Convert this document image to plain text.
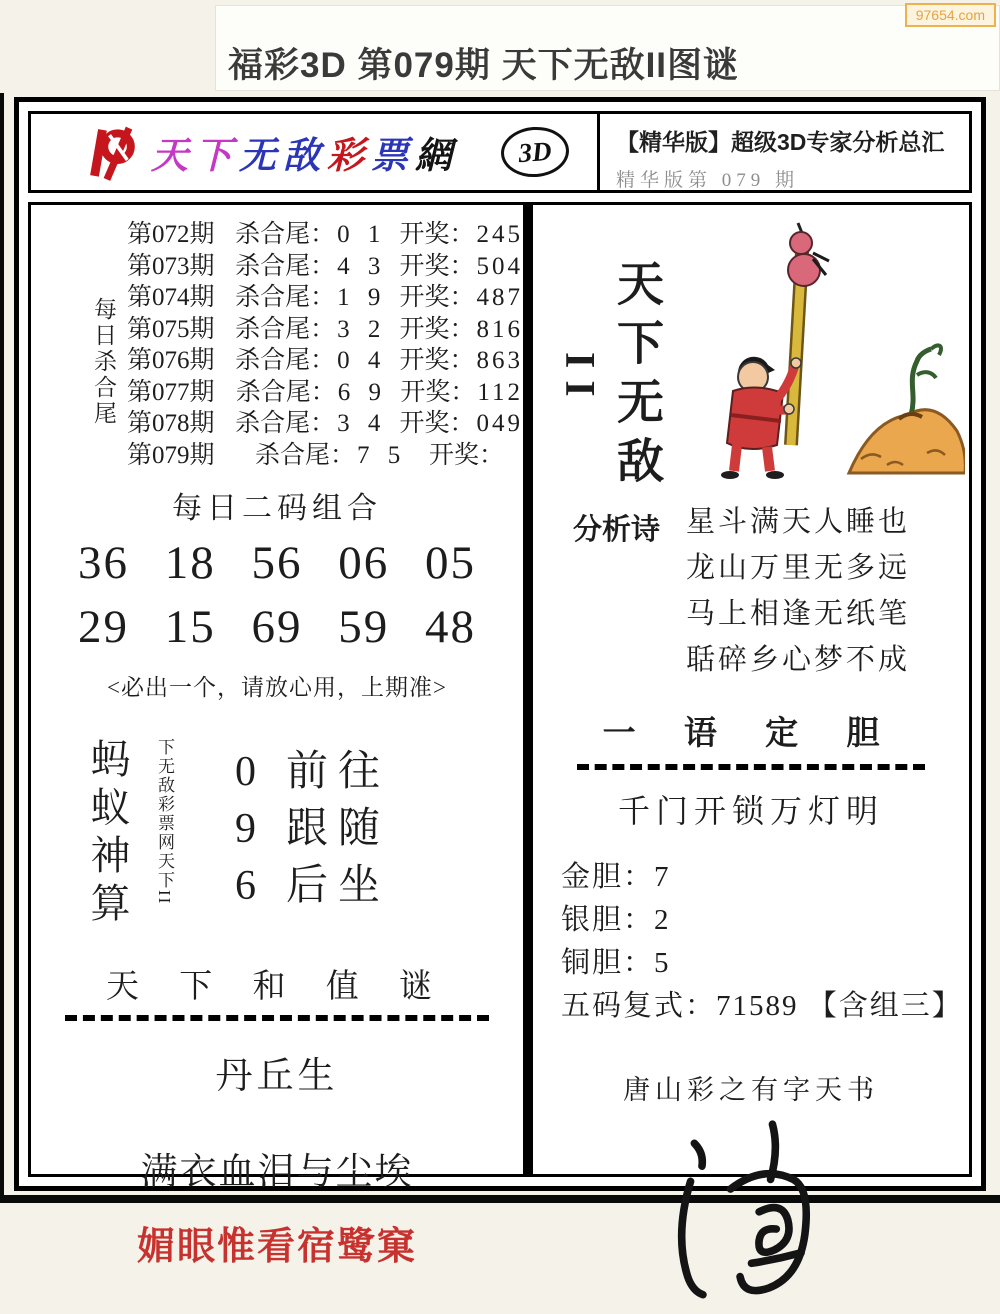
福彩3D 第079期 天下无敌II图谜
97654.com
天下无敌彩票網	3D	【精华版】超级3D专家分析总汇
精华版第 079 期
每日杀合尾
第072期 杀合尾： 0 1 开奖： 245
第073期 杀合尾： 4 3 开奖： 504
第074期 杀合尾： 1 9 开奖： 487
第075期 杀合尾： 3 2 开奖： 816
第076期 杀合尾： 0 4 开奖： 863
第077期 杀合尾： 6 9 开奖： 112
第078期 杀合尾： 3 4 开奖： 049
第079期	杀合尾： 7 5 开奖：
每日二码组合
36 18 56 06 05
29 15 69 59 48
<必出一个，请放心用，上期准>
蚂蚁神算	下无敌彩票网天下II 0 前往
9 跟随
6 后坐
天 下 和 值 谜
丹丘生
满衣血泪与尘埃
媚眼惟看宿鹭窠
天下无敌
II
分析诗 星斗满天人睡也
龙山万里无多远
马上相逢无纸笔
聒碎乡心梦不成
一 语 定 胆
千门开锁万灯明
金胆：7
银胆：2
铜胆：5
五码复式：71589 【含组三】
唐山彩之有字天书
